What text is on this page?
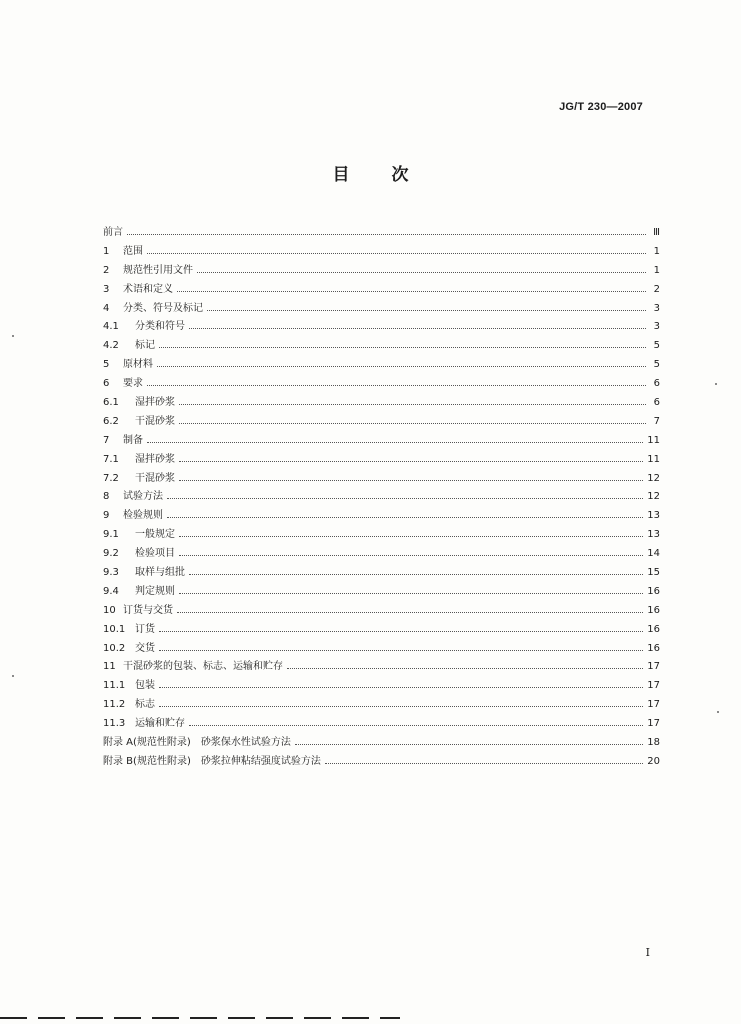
JG/T 230—2007
目次
前言	Ⅲ
1	范围	1
2	规范性引用文件	1
3	术语和定义	2
4	分类、符号及标记	3
4.1	分类和符号	3
4.2	标记	5
5	原材料	5
6	要求	6
6.1	湿拌砂浆	6
6.2	干混砂浆	7
7	制备	11
7.1	湿拌砂浆	11
7.2	干混砂浆	12
8	试验方法	12
9	检验规则	13
9.1	一般规定	13
9.2	检验项目	14
9.3	取样与组批	15
9.4	判定规则	16
10 订货与交货	16
10.1 订货	16
10.2 交货	16
11 干混砂浆的包装、标志、运输和贮存	17
11.1 包装	17
11.2 标志	17
11.3 运输和贮存	17
附录 A(规范性附录)　砂浆保水性试验方法	18
附录 B(规范性附录)　砂浆拉伸粘结强度试验方法	20
I
